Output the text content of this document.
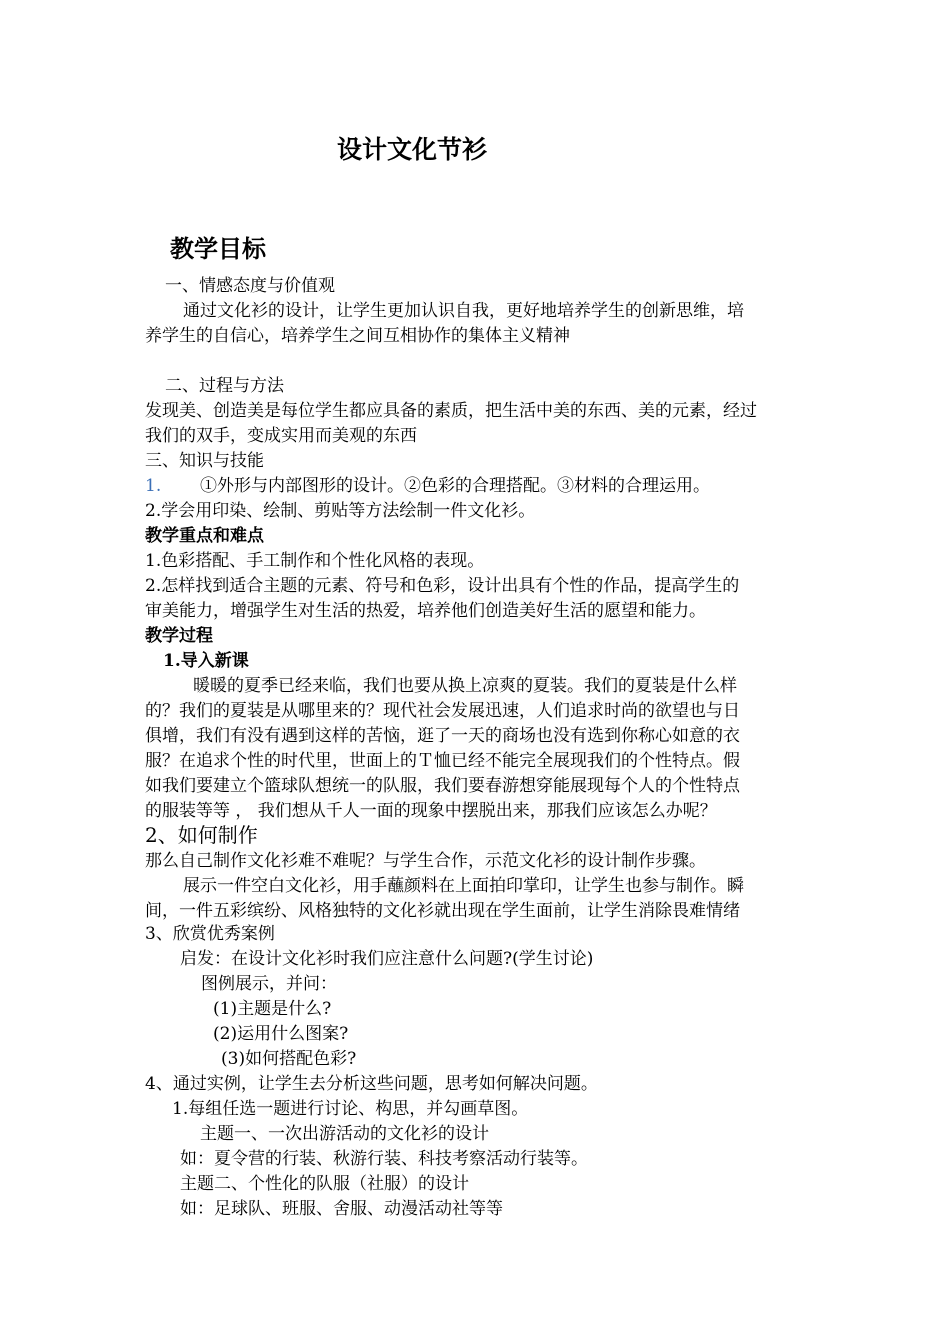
设计文化节衫
教学目标
一、情感态度与价值观
通过文化衫的设计，让学生更加认识自我，更好地培养学生的创新思维，培
养学生的自信心，培养学生之间互相协作的集体主义精神
二、过程与方法
发现美、创造美是每位学生都应具备的素质，把生活中美的东西、美的元素，经过
我们的双手，变成实用而美观的东西
三、知识与技能
1. ①外形与内部图形的设计。②色彩的合理搭配。③材料的合理运用。
2.学会用印染、绘制、剪贴等方法绘制一件文化衫。
教学重点和难点
1.色彩搭配、手工制作和个性化风格的表现。
2.怎样找到适合主题的元素、符号和色彩，设计出具有个性的作品，提高学生的
审美能力，增强学生对生活的热爱，培养他们创造美好生活的愿望和能力。
教学过程
1.导入新课
暖暖的夏季已经来临，我们也要从换上凉爽的夏装。我们的夏装是什么样
的？我们的夏装是从哪里来的？现代社会发展迅速，人们追求时尚的欲望也与日
俱增，我们有没有遇到这样的苦恼，逛了一天的商场也没有选到你称心如意的衣
服？在追求个性的时代里，世面上的Ｔ恤已经不能完全展现我们的个性特点。假
如我们要建立个篮球队想统一的队服，我们要春游想穿能展现每个人的个性特点
的服装等等 ， 我们想从千人一面的现象中摆脱出来，那我们应该怎么办呢？
2、如何制作
那么自己制作文化衫难不难呢？与学生合作，示范文化衫的设计制作步骤。
展示一件空白文化衫，用手蘸颜料在上面拍印掌印，让学生也参与制作。瞬
间，一件五彩缤纷、风格独特的文化衫就出现在学生面前，让学生消除畏难情绪
3、欣赏优秀案例
启发：在设计文化衫时我们应注意什么问题?(学生讨论)
图例展示，并问：
(1)主题是什么?
(2)运用什么图案?
(3)如何搭配色彩?
4、通过实例，让学生去分析这些问题，思考如何解决问题。
1.每组任选一题进行讨论、构思，并勾画草图。
主题一、一次出游活动的文化衫的设计
如：夏令营的行装、秋游行装、科技考察活动行装等。
主题二、个性化的队服（社服）的设计
如：足球队、班服、舍服、动漫活动社等等
